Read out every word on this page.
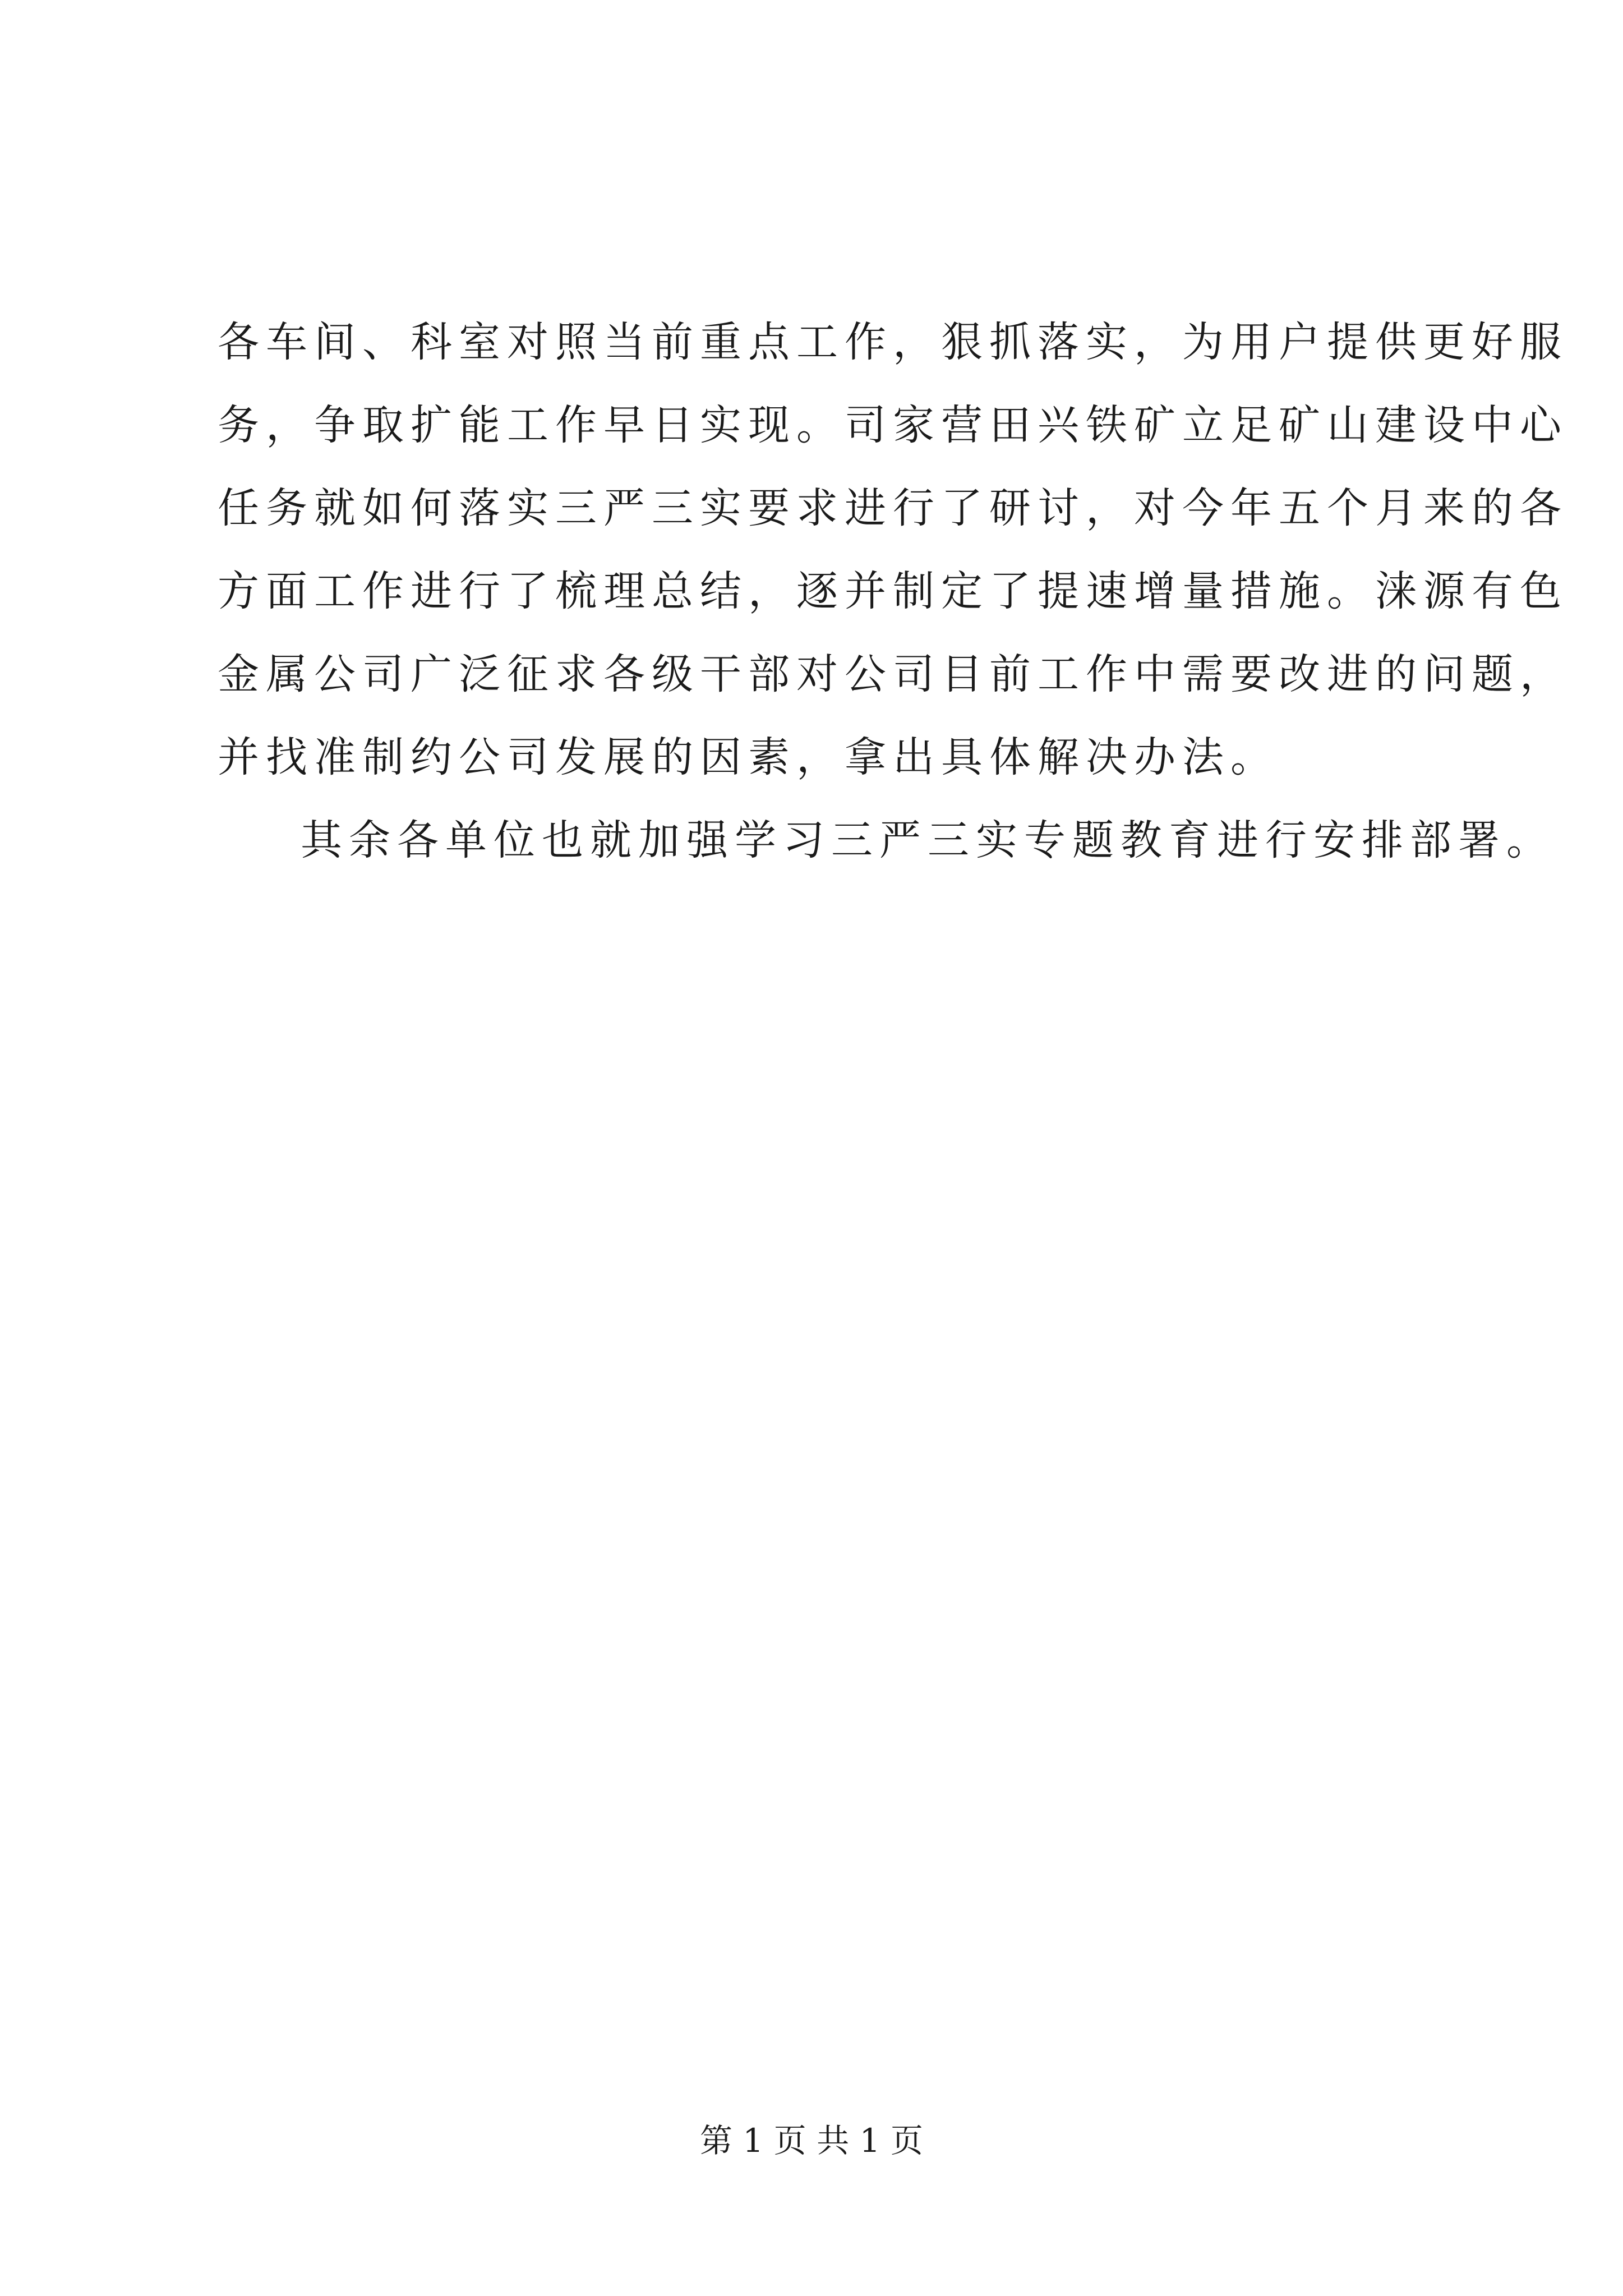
各车间、科室对照当前重点工作，狠抓落实，为用户提供更好服
务，争取扩能工作早日实现。司家营田兴铁矿立足矿山建设中心
任务就如何落实三严三实要求进行了研讨，对今年五个月来的各
方面工作进行了梳理总结，逐并制定了提速增量措施。涞源有色
金属公司广泛征求各级干部对公司目前工作中需要改进的问题，
并找准制约公司发展的因素，拿出具体解决办法。
其余各单位也就加强学习三严三实专题教育进行安排部署。
第 1 页 共 1 页
